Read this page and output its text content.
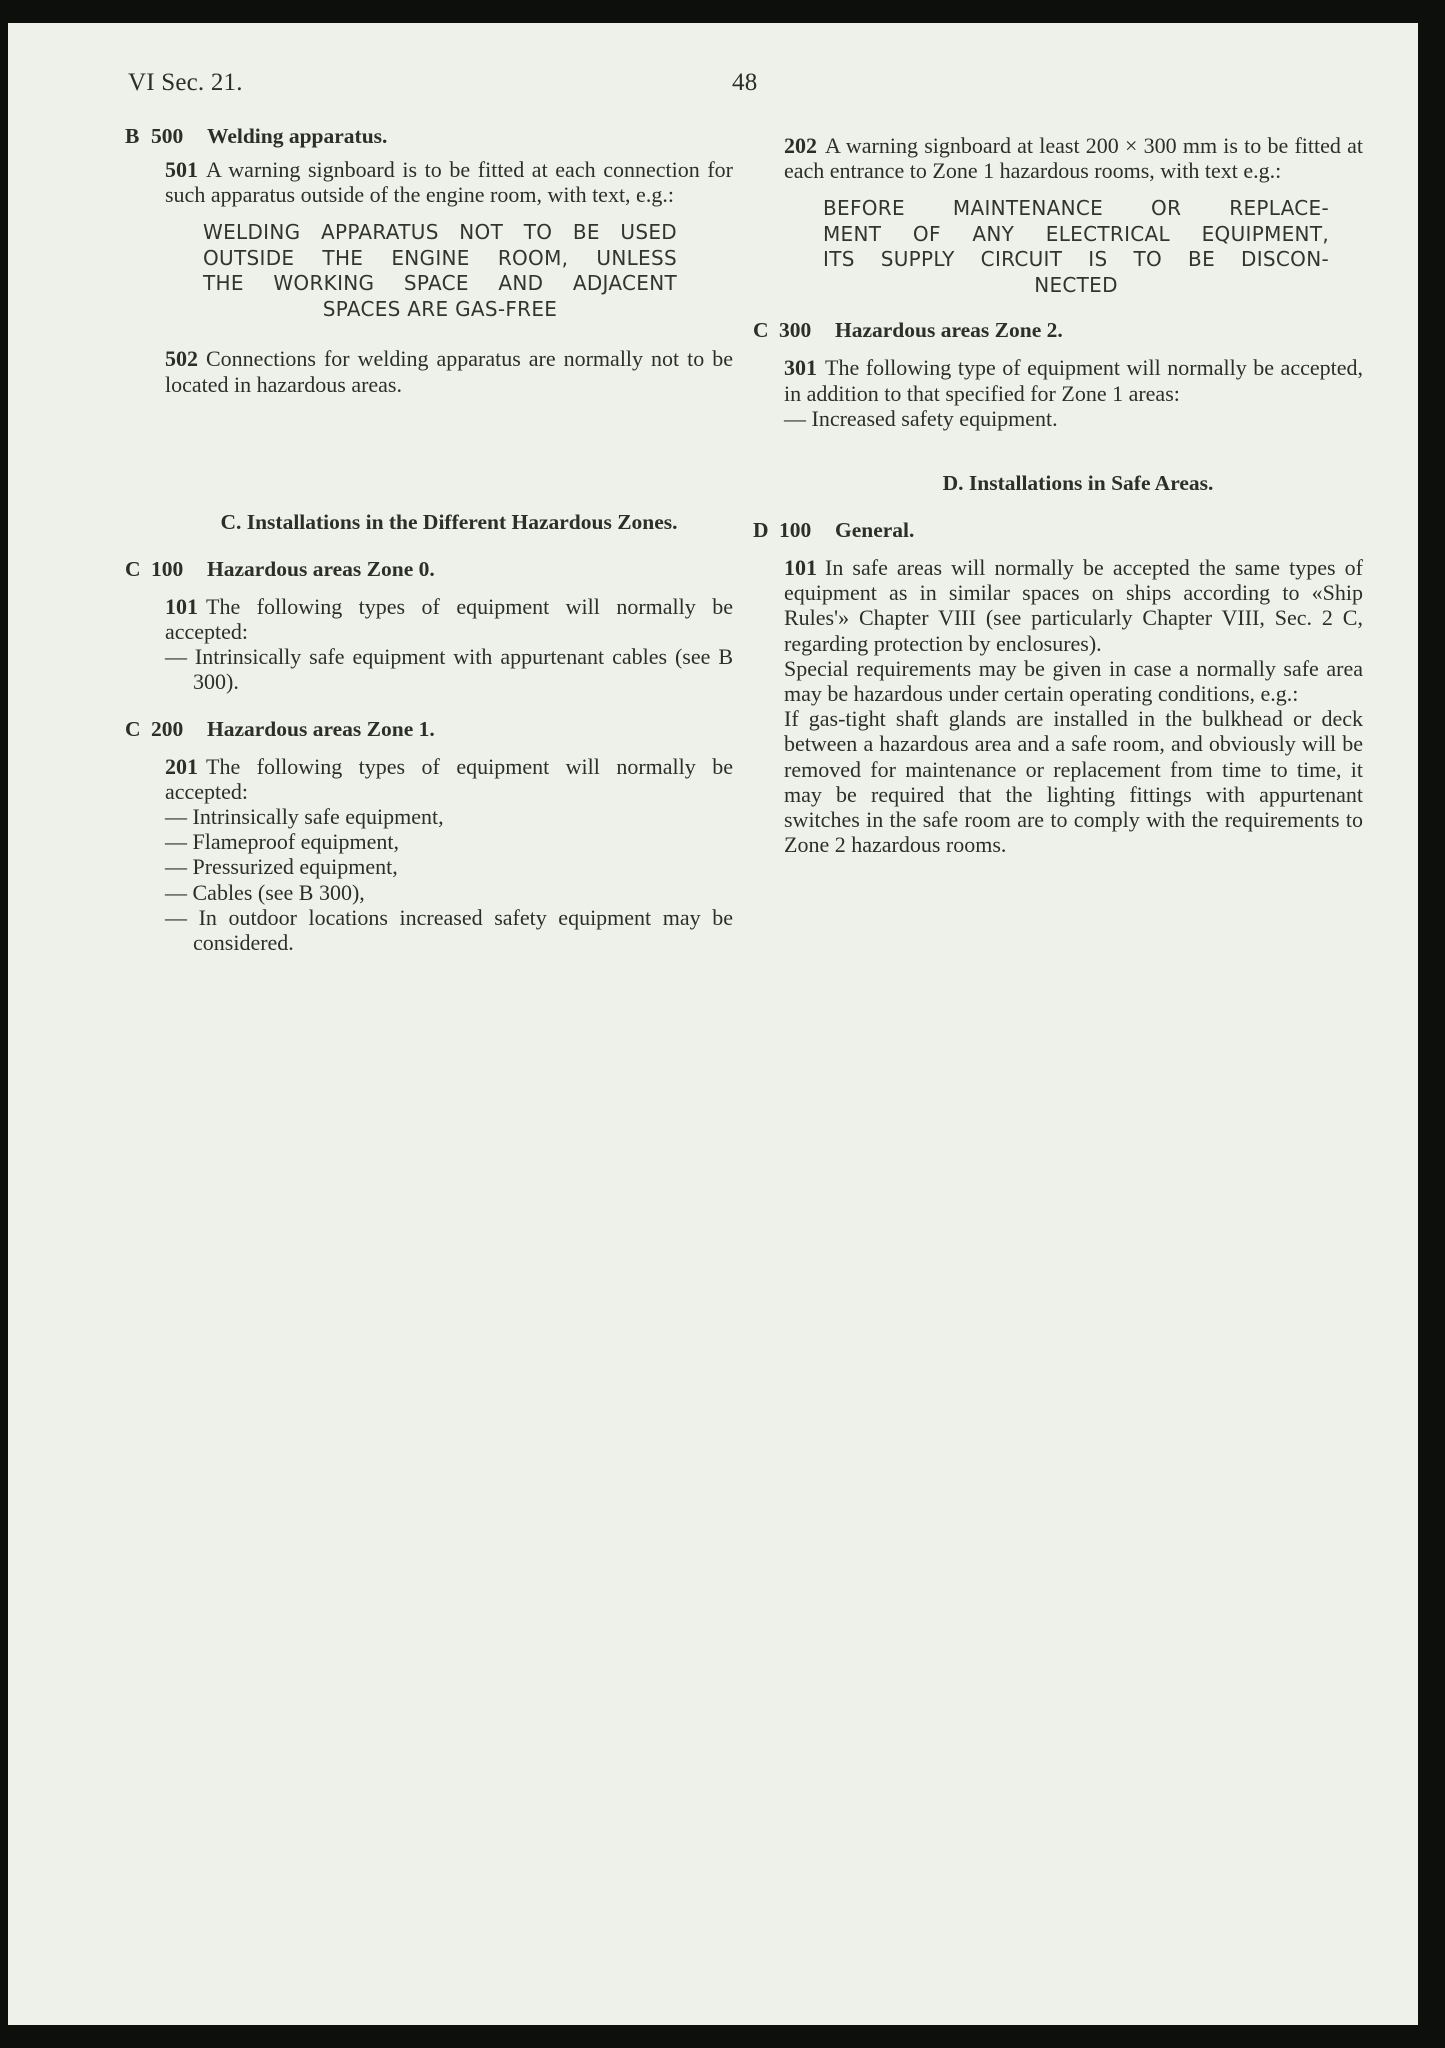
VI Sec. 21.	48
B 500 Welding apparatus.

501 A warning signboard is to be fitted at each connection for such apparatus outside of the engine room, with text, e.g.:

WELDING APPARATUS NOT TO BE USED
OUTSIDE THE ENGINE ROOM, UNLESS
THE WORKING SPACE AND ADJACENT
SPACES ARE GAS-FREE

502 Connections for welding apparatus are normally not to be located in hazardous areas.

C. Installations in the Different Hazardous Zones.
C 100 Hazardous areas Zone 0.

101 The following types of equipment will normally be accepted:

— Intrinsically safe equipment with appurtenant cables (see B 300).
C 200 Hazardous areas Zone 1.

201 The following types of equipment will normally be accepted:

— Intrinsically safe equipment,
— Flameproof equipment,
— Pressurized equipment,
— Cables (see B 300),
— In outdoor locations increased safety equipment may be considered.

202 A warning signboard at least 200 × 300 mm is to be fitted at each entrance to Zone 1 hazardous rooms, with text e.g.:

BEFORE MAINTENANCE OR REPLACE-
MENT OF ANY ELECTRICAL EQUIPMENT,
ITS SUPPLY CIRCUIT IS TO BE DISCON-
NECTED
C 300 Hazardous areas Zone 2.

301 The following type of equipment will normally be accepted, in addition to that specified for Zone 1 areas:

— Increased safety equipment.
D. Installations in Safe Areas.
D 100 General.

101 In safe areas will normally be accepted the same types of equipment as in similar spaces on ships according to «Ship Rules'» Chapter VIII (see particularly Chapter VIII, Sec. 2 C, regarding protection by enclosures).

Special requirements may be given in case a normally safe area may be hazardous under certain operating conditions, e.g.:

If gas-tight shaft glands are installed in the bulkhead or deck between a hazardous area and a safe room, and obviously will be removed for maintenance or replacement from time to time, it may be required that the lighting fittings with appurtenant switches in the safe room are to comply with the requirements to Zone 2 hazardous rooms.
